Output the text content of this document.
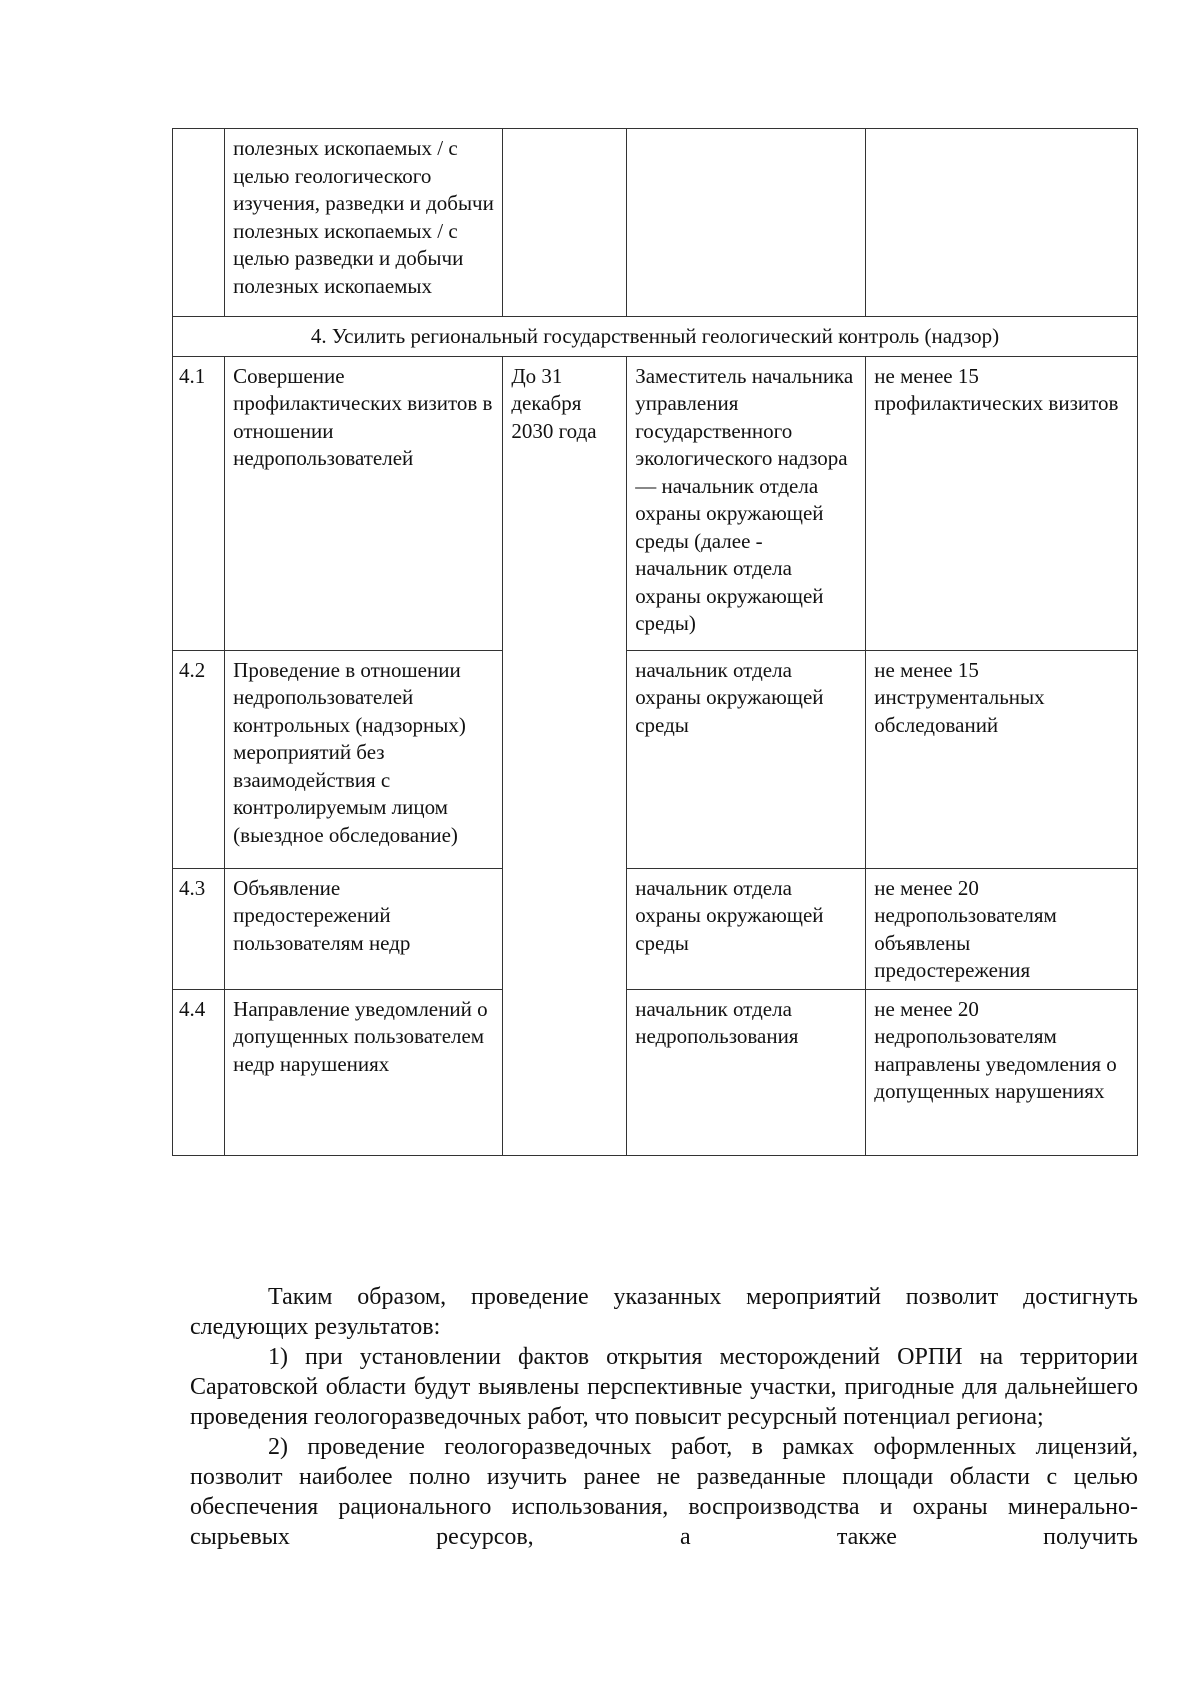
	полезных ископаемых / с целью геологического изучения, разведки и добычи полезных ископаемых / с целью разведки и добычи полезных ископаемых			
4. Усилить региональный государственный геологический контроль (надзор)				
4.1	Совершение профилактических визитов в отношении недропользователей	До 31 декабря 2030 года	Заместитель начальника управления государственного экологического надзора — начальник отдела охраны окружающей среды (далее - начальник отдела охраны окружающей среды)	не менее 15 профилактических визитов
4.2	Проведение в отношении недропользователей контрольных (надзорных) мероприятий без взаимодействия с контролируемым лицом (выездное обследование)		начальник отдела охраны окружающей среды	не менее 15 инструментальных обследований
4.3	Объявление предостережений пользователям недр		начальник отдела охраны окружающей среды	не менее 20 недропользователям объявлены предостережения
4.4	Направление уведомлений о допущенных пользователем недр нарушениях		начальник отдела недропользования	не менее 20 недропользователям направлены уведомления о допущенных нарушениях

Таким образом, проведение указанных мероприятий позволит достигнуть следующих результатов:

1) при установлении фактов открытия месторождений ОРПИ на территории Саратовской области будут выявлены перспективные участки, пригодные для дальнейшего проведения геологоразведочных работ, что повысит ресурсный потенциал региона;

2) проведение геологоразведочных работ, в рамках оформленных лицензий, позволит наиболее полно изучить ранее не разведанные площади области с целью обеспечения рационального использования, воспроизводства и охраны минерально-сырьевых ресурсов, а также получить
